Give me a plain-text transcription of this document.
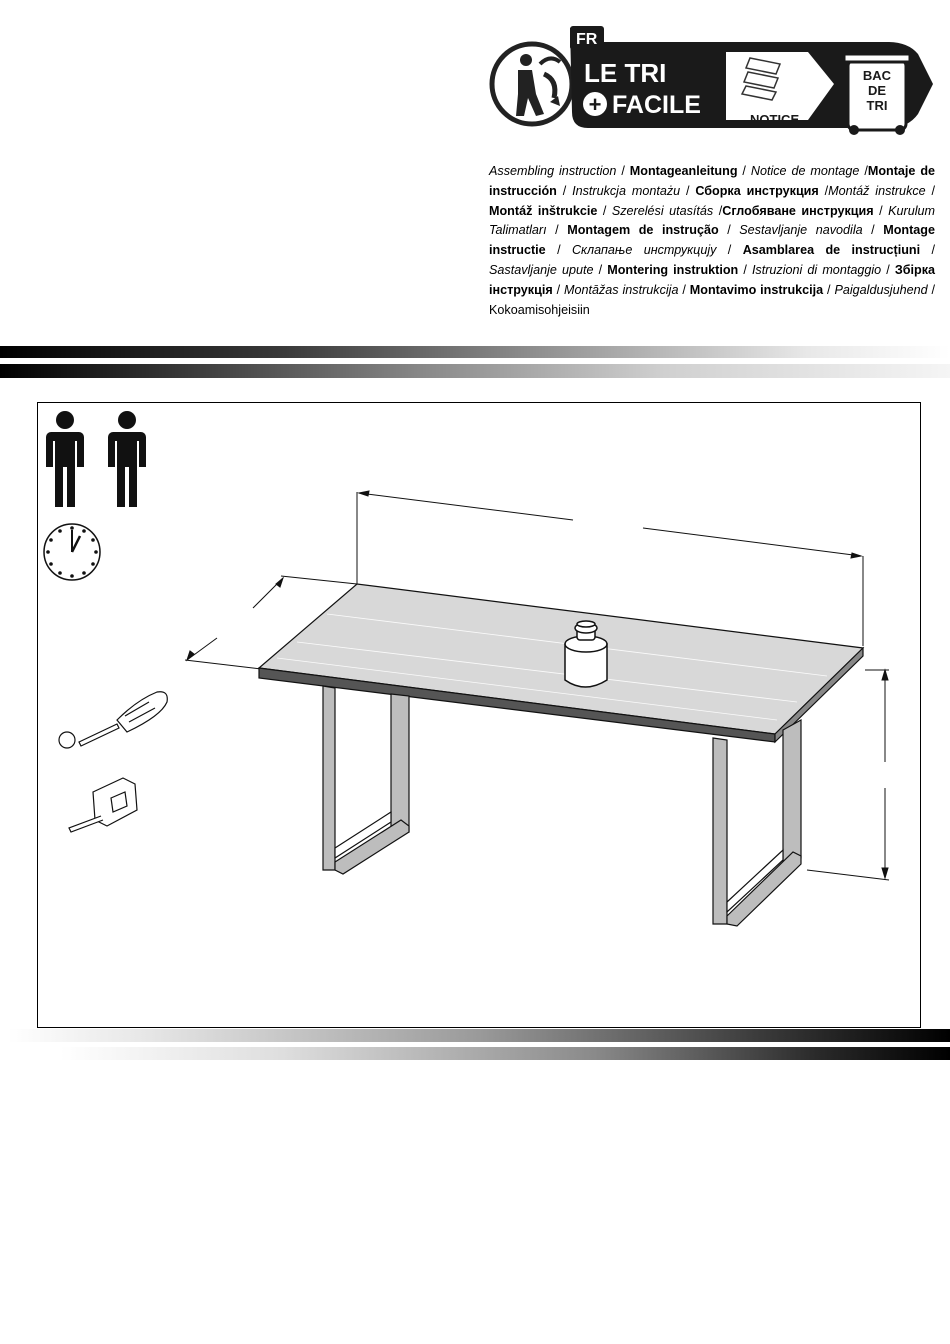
FR
LE TRI
+ FACILE
NOTICE
BAC
DE
TRI
Assembling instruction / Montageanleitung / Notice de montage /Montaje de instrucción / Instrukcja montażu / Сборка инструкция /Montáž instrukce / Montáž inštrukcie / Szerelési utasítás /Сглобяване инструкция / Kurulum Talimatları / Montagem de instrução / Sestavljanje navodila / Montage instructie / Склапање инструкцију / Asamblarea de instrucțiuni / Sastavljanje upute / Montering instruktion / Istruzioni di montaggio / Збірка інструкція / Montāžas instrukcija / Montavimo instrukcija / Paigaldusjuhend / Kokoamisohjeisiin
